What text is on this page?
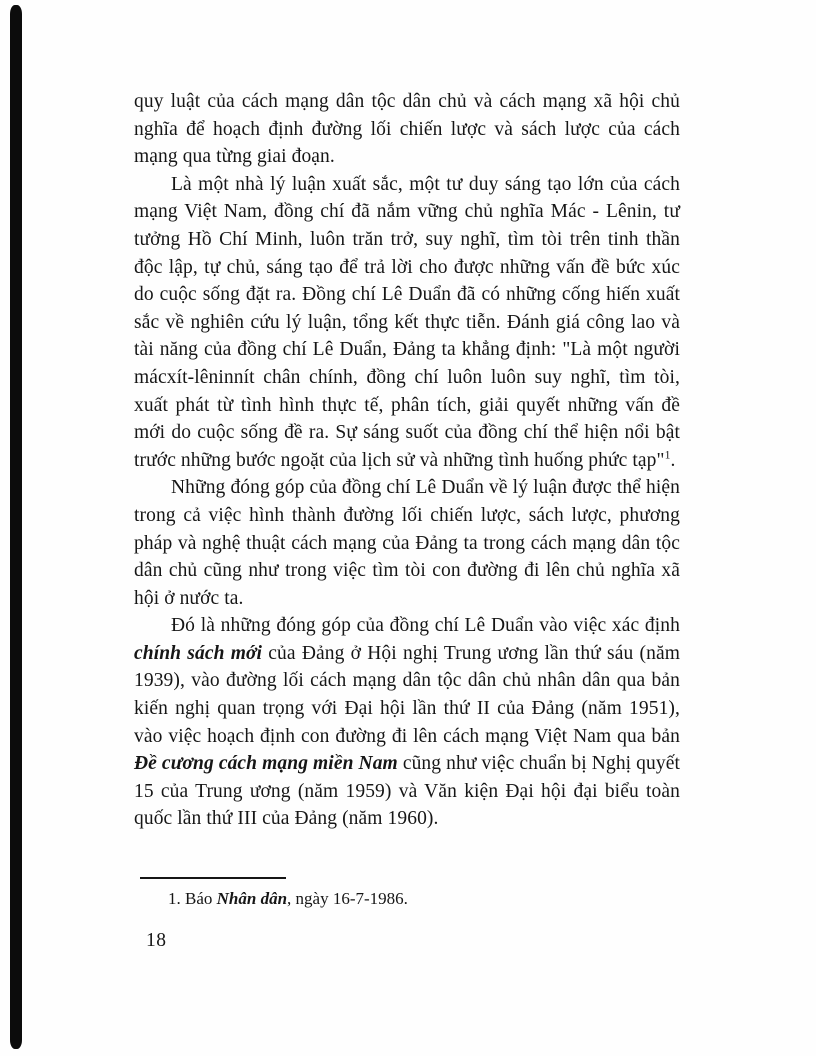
quy luật của cách mạng dân tộc dân chủ và cách mạng xã hội chủ nghĩa để hoạch định đường lối chiến lược và sách lược của cách mạng qua từng giai đoạn.

Là một nhà lý luận xuất sắc, một tư duy sáng tạo lớn của cách mạng Việt Nam, đồng chí đã nắm vững chủ nghĩa Mác - Lênin, tư tưởng Hồ Chí Minh, luôn trăn trở, suy nghĩ, tìm tòi trên tinh thần độc lập, tự chủ, sáng tạo để trả lời cho được những vấn đề bức xúc do cuộc sống đặt ra. Đồng chí Lê Duẩn đã có những cống hiến xuất sắc về nghiên cứu lý luận, tổng kết thực tiễn. Đánh giá công lao và tài năng của đồng chí Lê Duẩn, Đảng ta khẳng định: "Là một người mácxít-lêninnít chân chính, đồng chí luôn luôn suy nghĩ, tìm tòi, xuất phát từ tình hình thực tế, phân tích, giải quyết những vấn đề mới do cuộc sống đề ra. Sự sáng suốt của đồng chí thể hiện nổi bật trước những bước ngoặt của lịch sử và những tình huống phức tạp"$^1$.

Những đóng góp của đồng chí Lê Duẩn về lý luận được thể hiện trong cả việc hình thành đường lối chiến lược, sách lược, phương pháp và nghệ thuật cách mạng của Đảng ta trong cách mạng dân tộc dân chủ cũng như trong việc tìm tòi con đường đi lên chủ nghĩa xã hội ở nước ta.

Đó là những đóng góp của đồng chí Lê Duẩn vào việc xác định chính sách mới của Đảng ở Hội nghị Trung ương lần thứ sáu (năm 1939), vào đường lối cách mạng dân tộc dân chủ nhân dân qua bản kiến nghị quan trọng với Đại hội lần thứ II của Đảng (năm 1951), vào việc hoạch định con đường đi lên cách mạng Việt Nam qua bản Đề cương cách mạng miền Nam cũng như việc chuẩn bị Nghị quyết 15 của Trung ương (năm 1959) và Văn kiện Đại hội đại biểu toàn quốc lần thứ III của Đảng (năm 1960).

1. Báo Nhân dân, ngày 16-7-1986.
18
